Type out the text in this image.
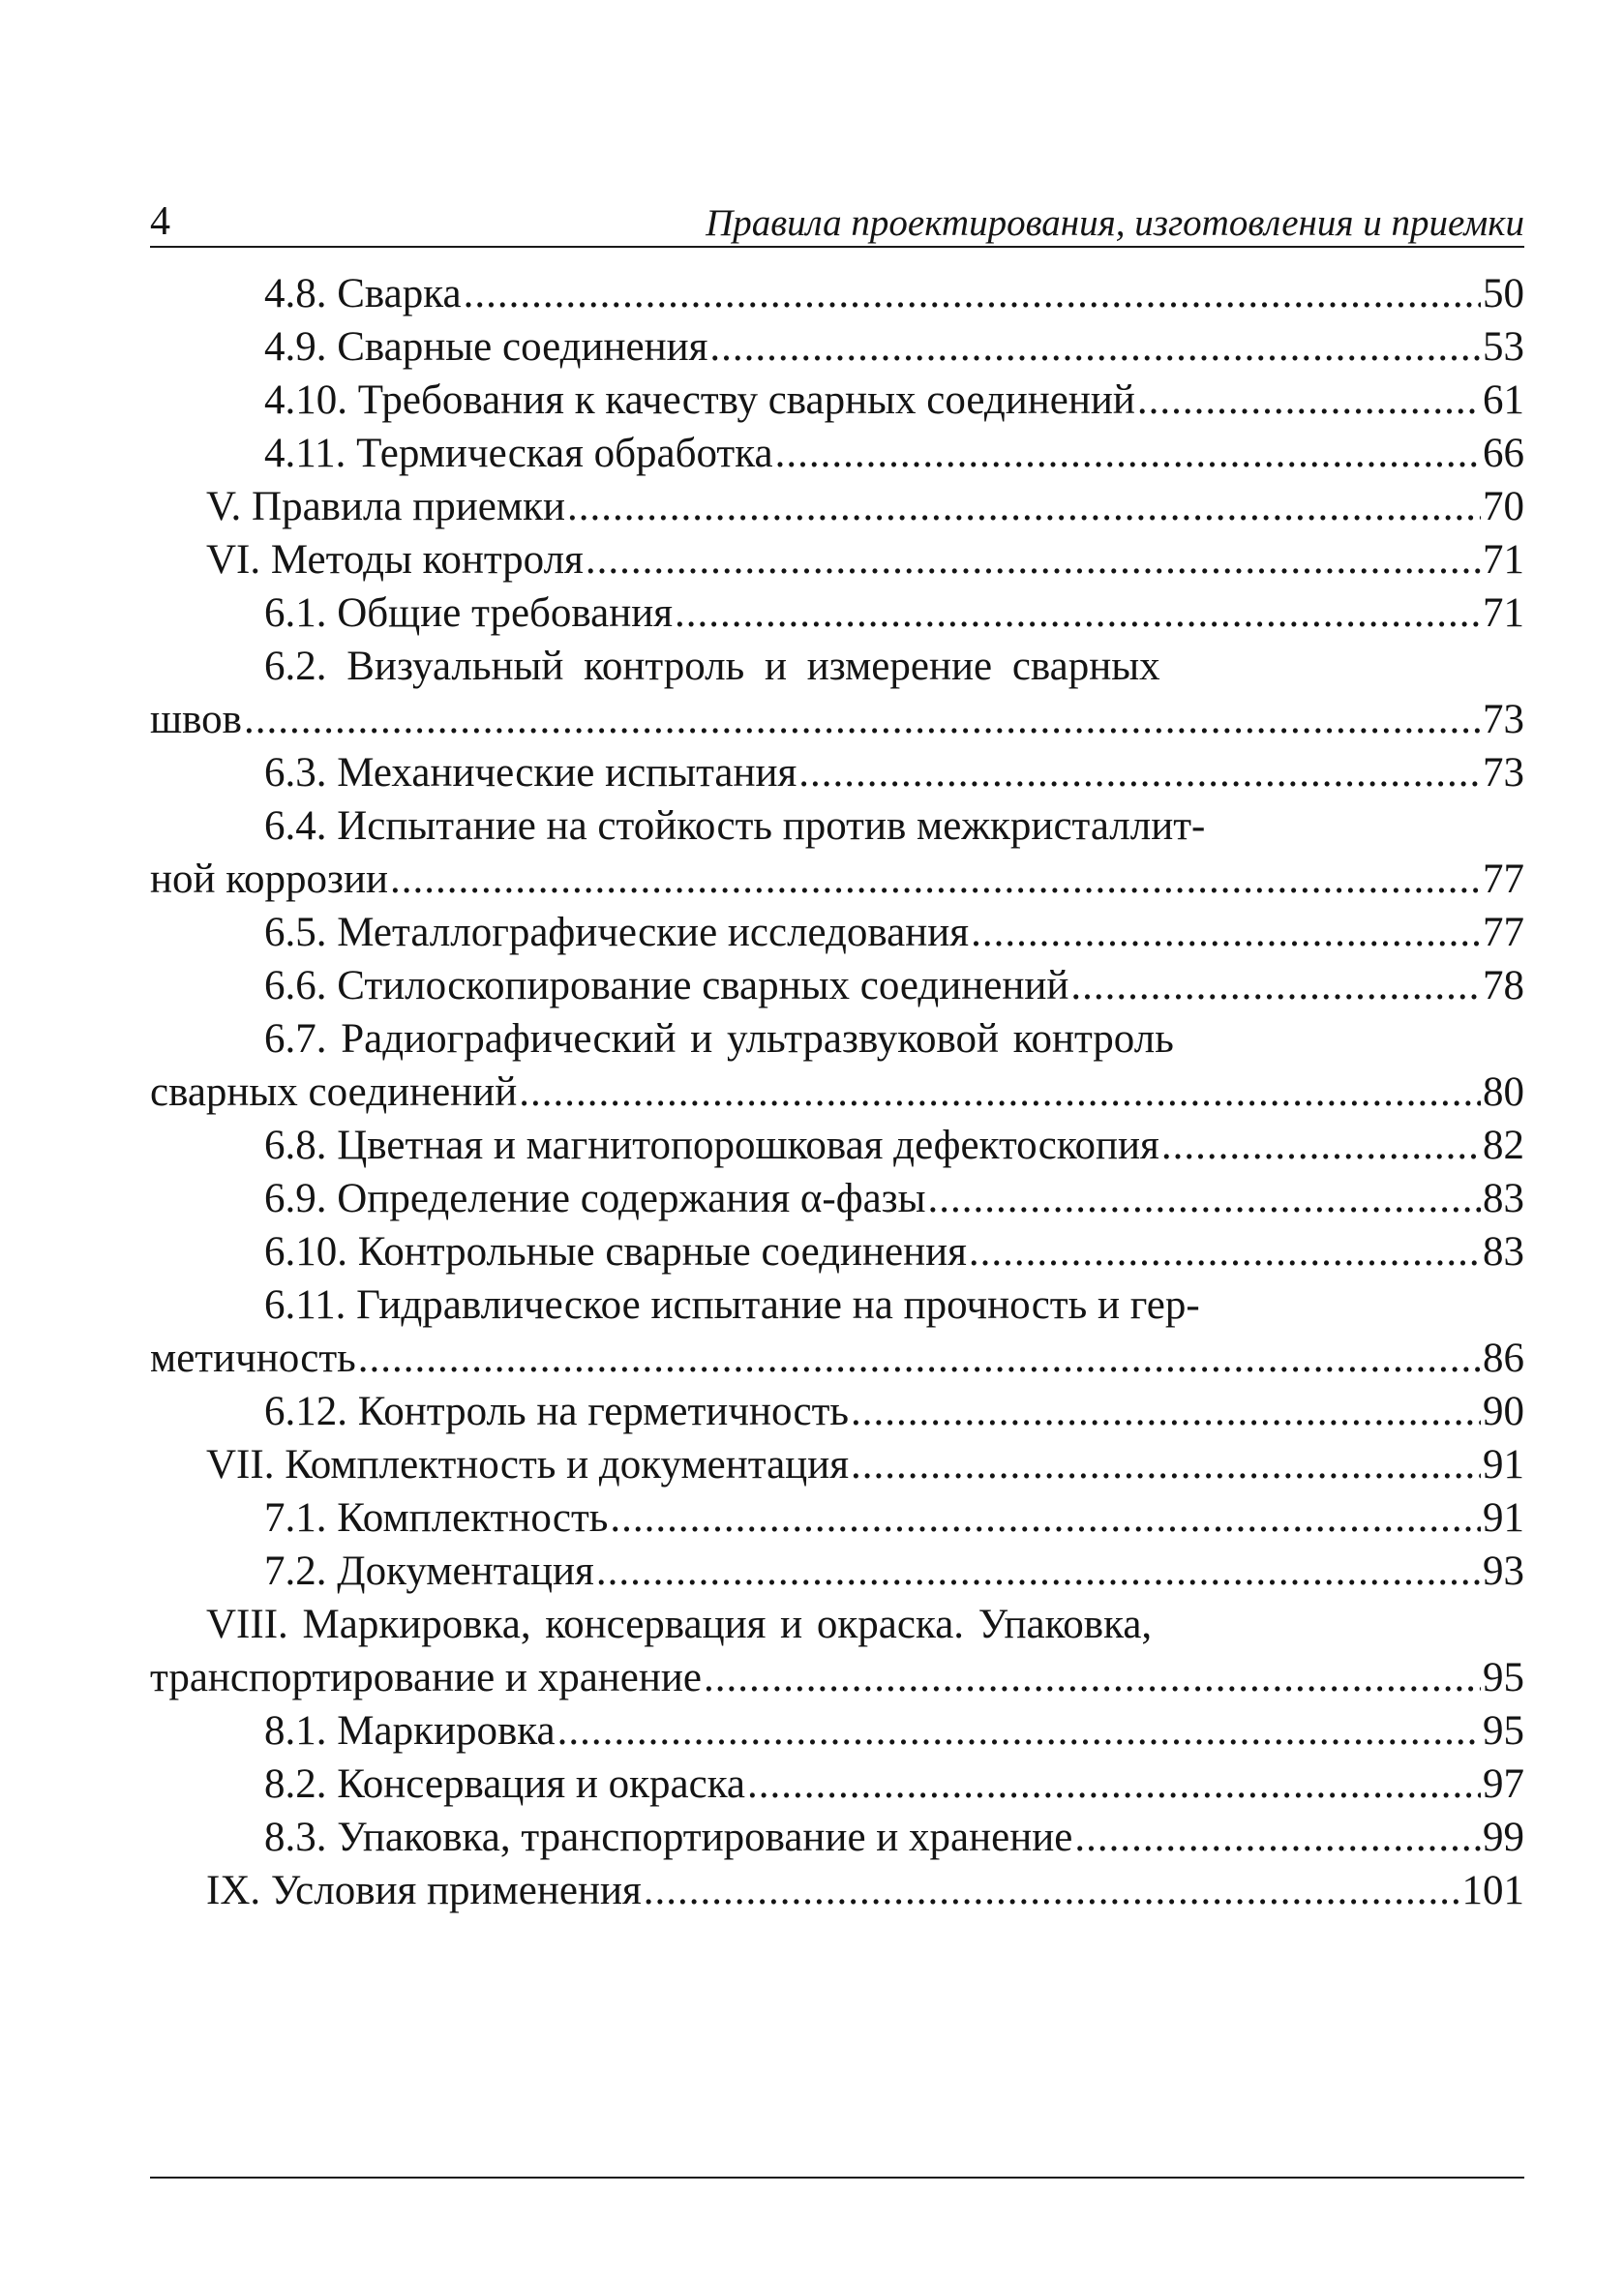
4	Правила проектирования, изготовления и приемки
4.8. Сварка .....	50
4.9. Сварные соединения .....	53
4.10. Требования к качеству сварных соединений .....	61
4.11. Термическая обработка .....	66
V. Правила приемки .....	70
VI. Методы контроля .....	71
6.1. Общие требования .....	71
6.2. Визуальный контроль и измерение сварных
швов .....	73
6.3. Механические испытания .....	73
6.4. Испытание на стойкость против межкристаллит-
ной коррозии .....	77
6.5. Металлографические исследования .....	77
6.6. Стилоскопирование сварных соединений .....	78
6.7. Радиографический и ультразвуковой контроль
сварных соединений .....	80
6.8. Цветная и магнитопорошковая дефектоскопия .....	82
6.9. Определение содержания α-фазы .....	83
6.10. Контрольные сварные соединения .....	83
6.11. Гидравлическое испытание на прочность и гер-
метичность .....	86
6.12. Контроль на герметичность .....	90
VII. Комплектность и документация .....	91
7.1. Комплектность .....	91
7.2. Документация .....	93
VIII. Маркировка, консервация и окраска. Упаковка,
транспортирование и хранение .....	95
8.1. Маркировка .....	95
8.2. Консервация и окраска .....	97
8.3. Упаковка, транспортирование и хранение .....	99
IX. Условия применения .....	101
